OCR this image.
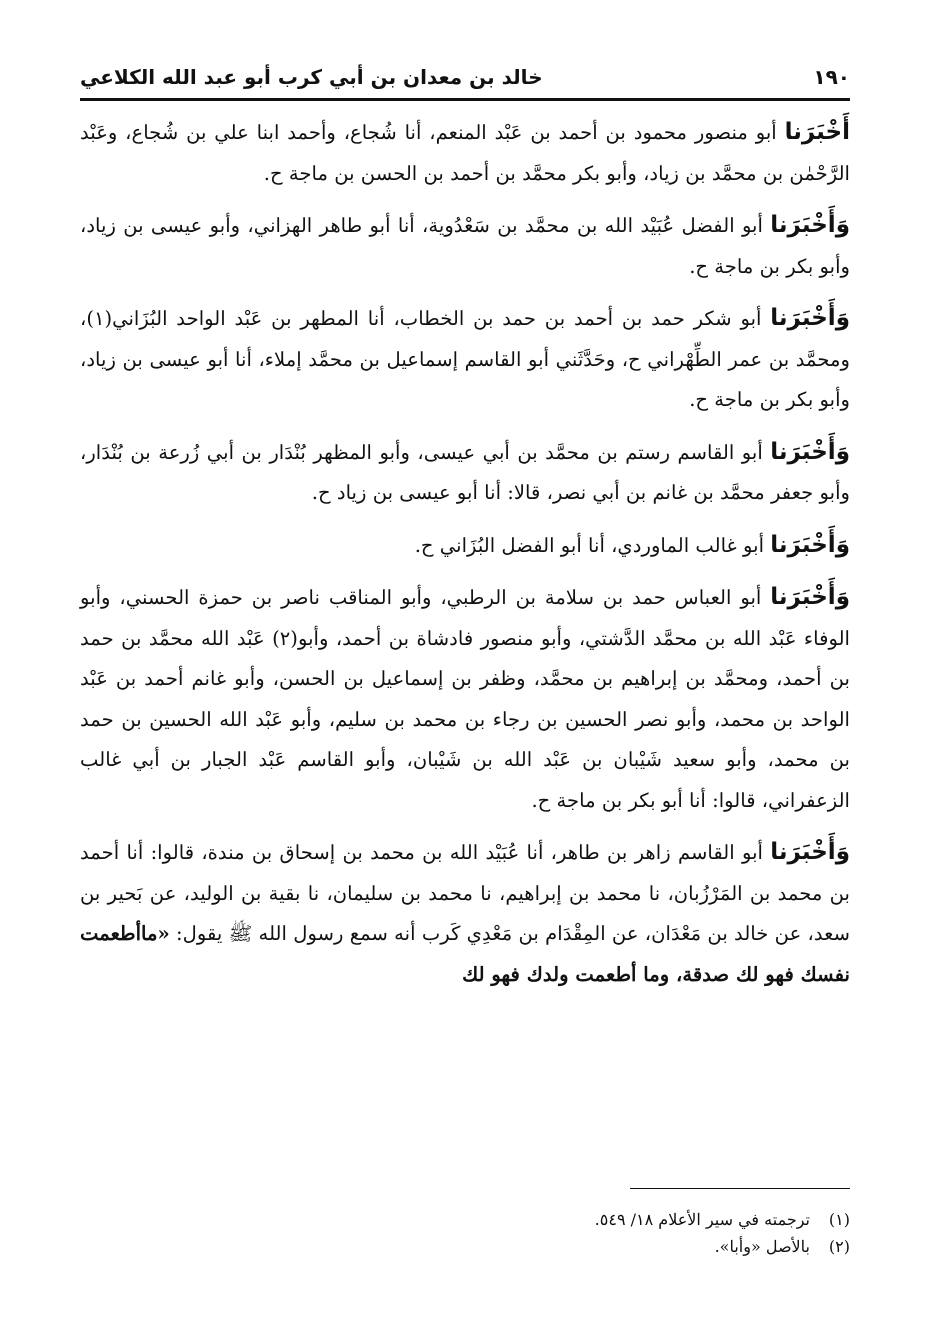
١٩٠
خالد بن معدان بن أبي كرب أبو عبد الله الكلاعي

أَخْبَرَنا أبو منصور محمود بن أحمد بن عَبْد المنعم، أنا شُجاع، وأحمد ابنا علي بن شُجاع، وعَبْد الرَّحْمٰن بن محمَّد بن زياد، وأبو بكر محمَّد بن أحمد بن الحسن بن ماجة ح.

وَأَخْبَرَنا أبو الفضل عُبَيْد الله بن محمَّد بن سَعْدُوية، أنا أبو طاهر الهزاني، وأبو عيسى بن زياد، وأبو بكر بن ماجة ح.

وَأَخْبَرَنا أبو شكر حمد بن أحمد بن حمد بن الخطاب، أنا المطهر بن عَبْد الواحد البُزَاني(١)، ومحمَّد بن عمر الطِّهْراني ح، وحَدَّثَني أبو القاسم إسماعيل بن محمَّد إملاء، أنا أبو عيسى بن زياد، وأبو بكر بن ماجة ح.

وَأَخْبَرَنا أبو القاسم رستم بن محمَّد بن أبي عيسى، وأبو المظهر بُنْدَار بن أبي زُرعة بن بُنْدَار، وأبو جعفر محمَّد بن غانم بن أبي نصر، قالا: أنا أبو عيسى بن زياد ح.

وَأَخْبَرَنا أبو غالب الماوردي، أنا أبو الفضل البُزَاني ح.

وَأَخْبَرَنا أبو العباس حمد بن سلامة بن الرطبي، وأبو المناقب ناصر بن حمزة الحسني، وأبو الوفاء عَبْد الله بن محمَّد الدَّشتي، وأبو منصور فادشاة بن أحمد، وأبو(٢) عَبْد الله محمَّد بن حمد بن أحمد، ومحمَّد بن إبراهيم بن محمَّد، وظفر بن إسماعيل بن الحسن، وأبو غانم أحمد بن عَبْد الواحد بن محمد، وأبو نصر الحسين بن رجاء بن محمد بن سليم، وأبو عَبْد الله الحسين بن حمد بن محمد، وأبو سعيد شَيْبان بن عَبْد الله بن شَيْبان، وأبو القاسم عَبْد الجبار بن أبي غالب الزعفراني، قالوا: أنا أبو بكر بن ماجة ح.

وَأَخْبَرَنا أبو القاسم زاهر بن طاهر، أنا عُبَيْد الله بن محمد بن إسحاق بن مندة، قالوا: أنا أحمد بن محمد بن المَرْزُبان، نا محمد بن إبراهيم، نا محمد بن سليمان، نا بقية بن الوليد، عن بَحير بن سعد، عن خالد بن مَعْدَان، عن المِقْدَام بن مَعْدِي كَرب أنه سمع رسول الله ﷺ يقول: «ماأطعمت نفسك فهو لك صدقة، وما أطعمت ولدك فهو لك

(١)ترجمته في سير الأعلام ١٨/ ٥٤٩.
(٢)بالأصل «وأبا».
